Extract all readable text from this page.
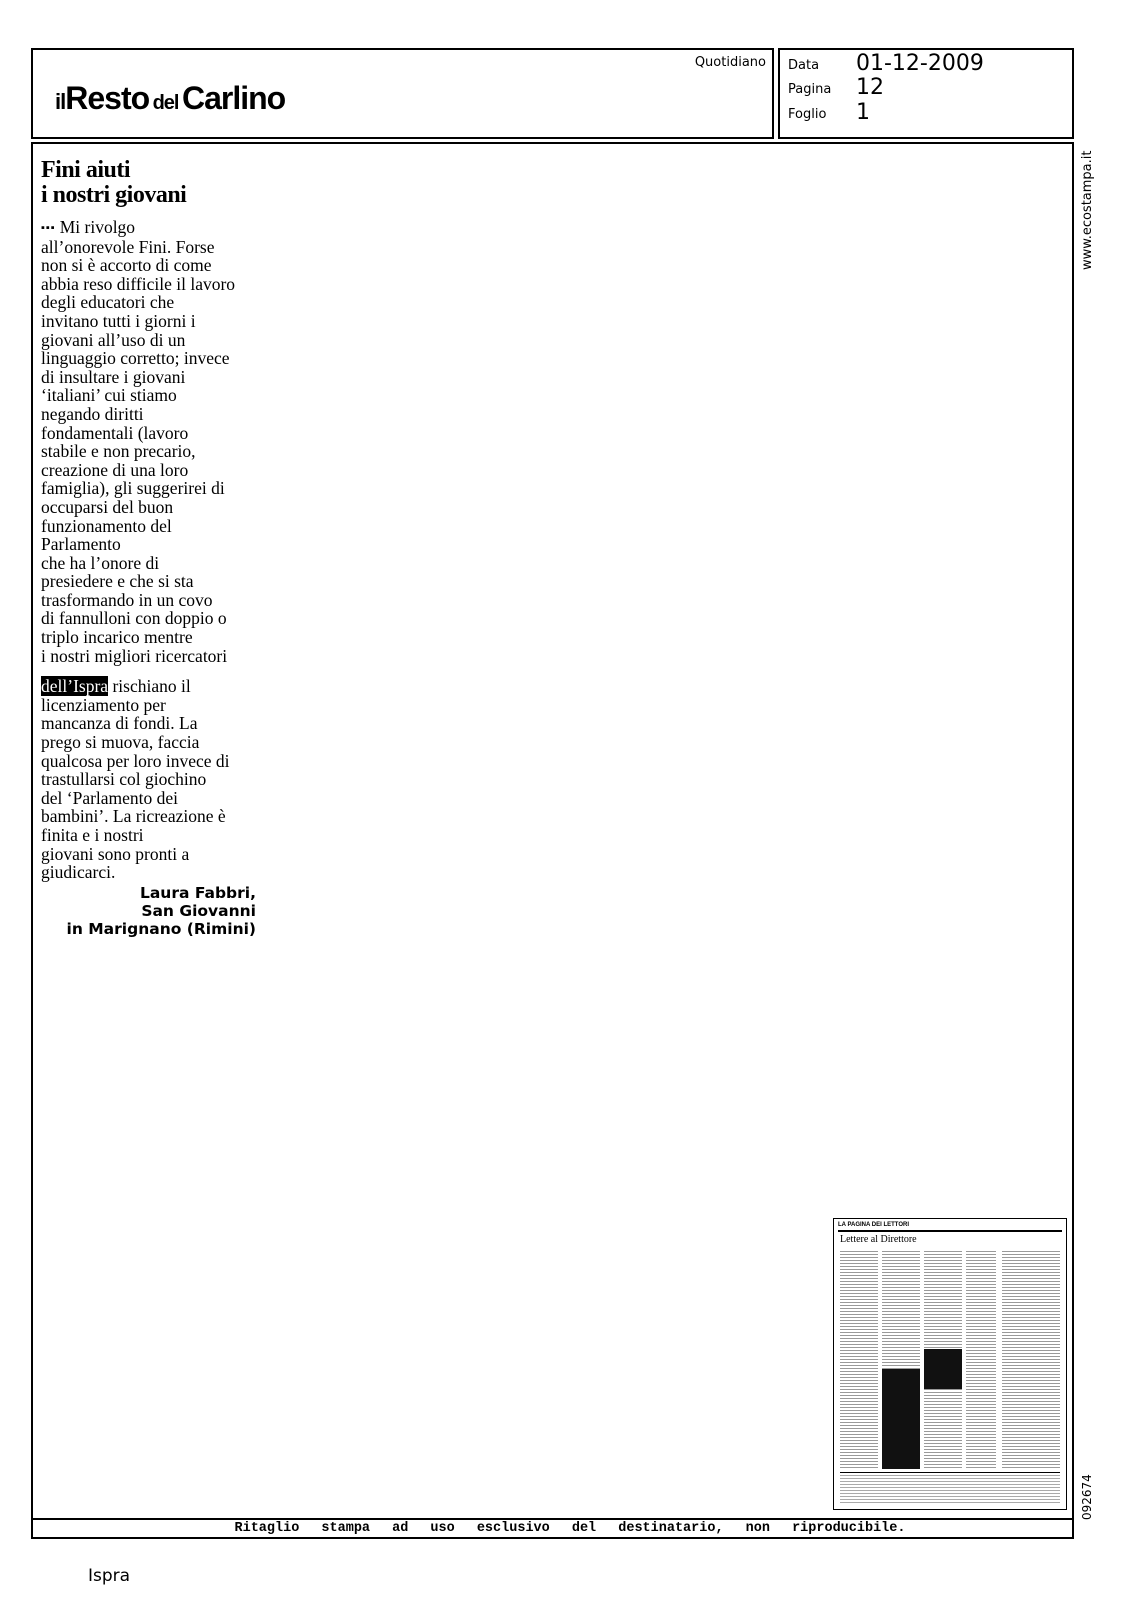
ilResto del Carlino
Quotidiano Data 01-12-2009
Pagina 12
Foglio 1
www.ecostampa.it
092674
Fini aiuti
i nostri giovani

▪▪▪ Mi rivolgo
all’onorevole Fini. Forse
non si è accorto di come
abbia reso difficile il lavoro
degli educatori che
invitano tutti i giorni i
giovani all’uso di un
linguaggio corretto; invece
di insultare i giovani
‘italiani’ cui stiamo
negando diritti
fondamentali (lavoro
stabile e non precario,
creazione di una loro
famiglia), gli suggerirei di
occuparsi del buon
funzionamento del
Parlamento
che ha l’onore di
presiedere e che si sta
trasformando in un covo
di fannulloni con doppio o
triplo incarico mentre
i nostri migliori ricercatori

dell’Ispra rischiano il
licenziamento per
mancanza di fondi. La
prego si muova, faccia
qualcosa per loro invece di
trastullarsi col giochino
del ‘Parlamento dei
bambini’. La ricreazione è
finita e i nostri
giovani sono pronti a
giudicarci.

Laura Fabbri,
San Giovanni
in Marignano (Rimini)
LA PAGINA DEI LETTORI
Lettere al Direttore
Ritaglio stampa ad uso esclusivo del destinatario, non riproducibile.
Ispra
